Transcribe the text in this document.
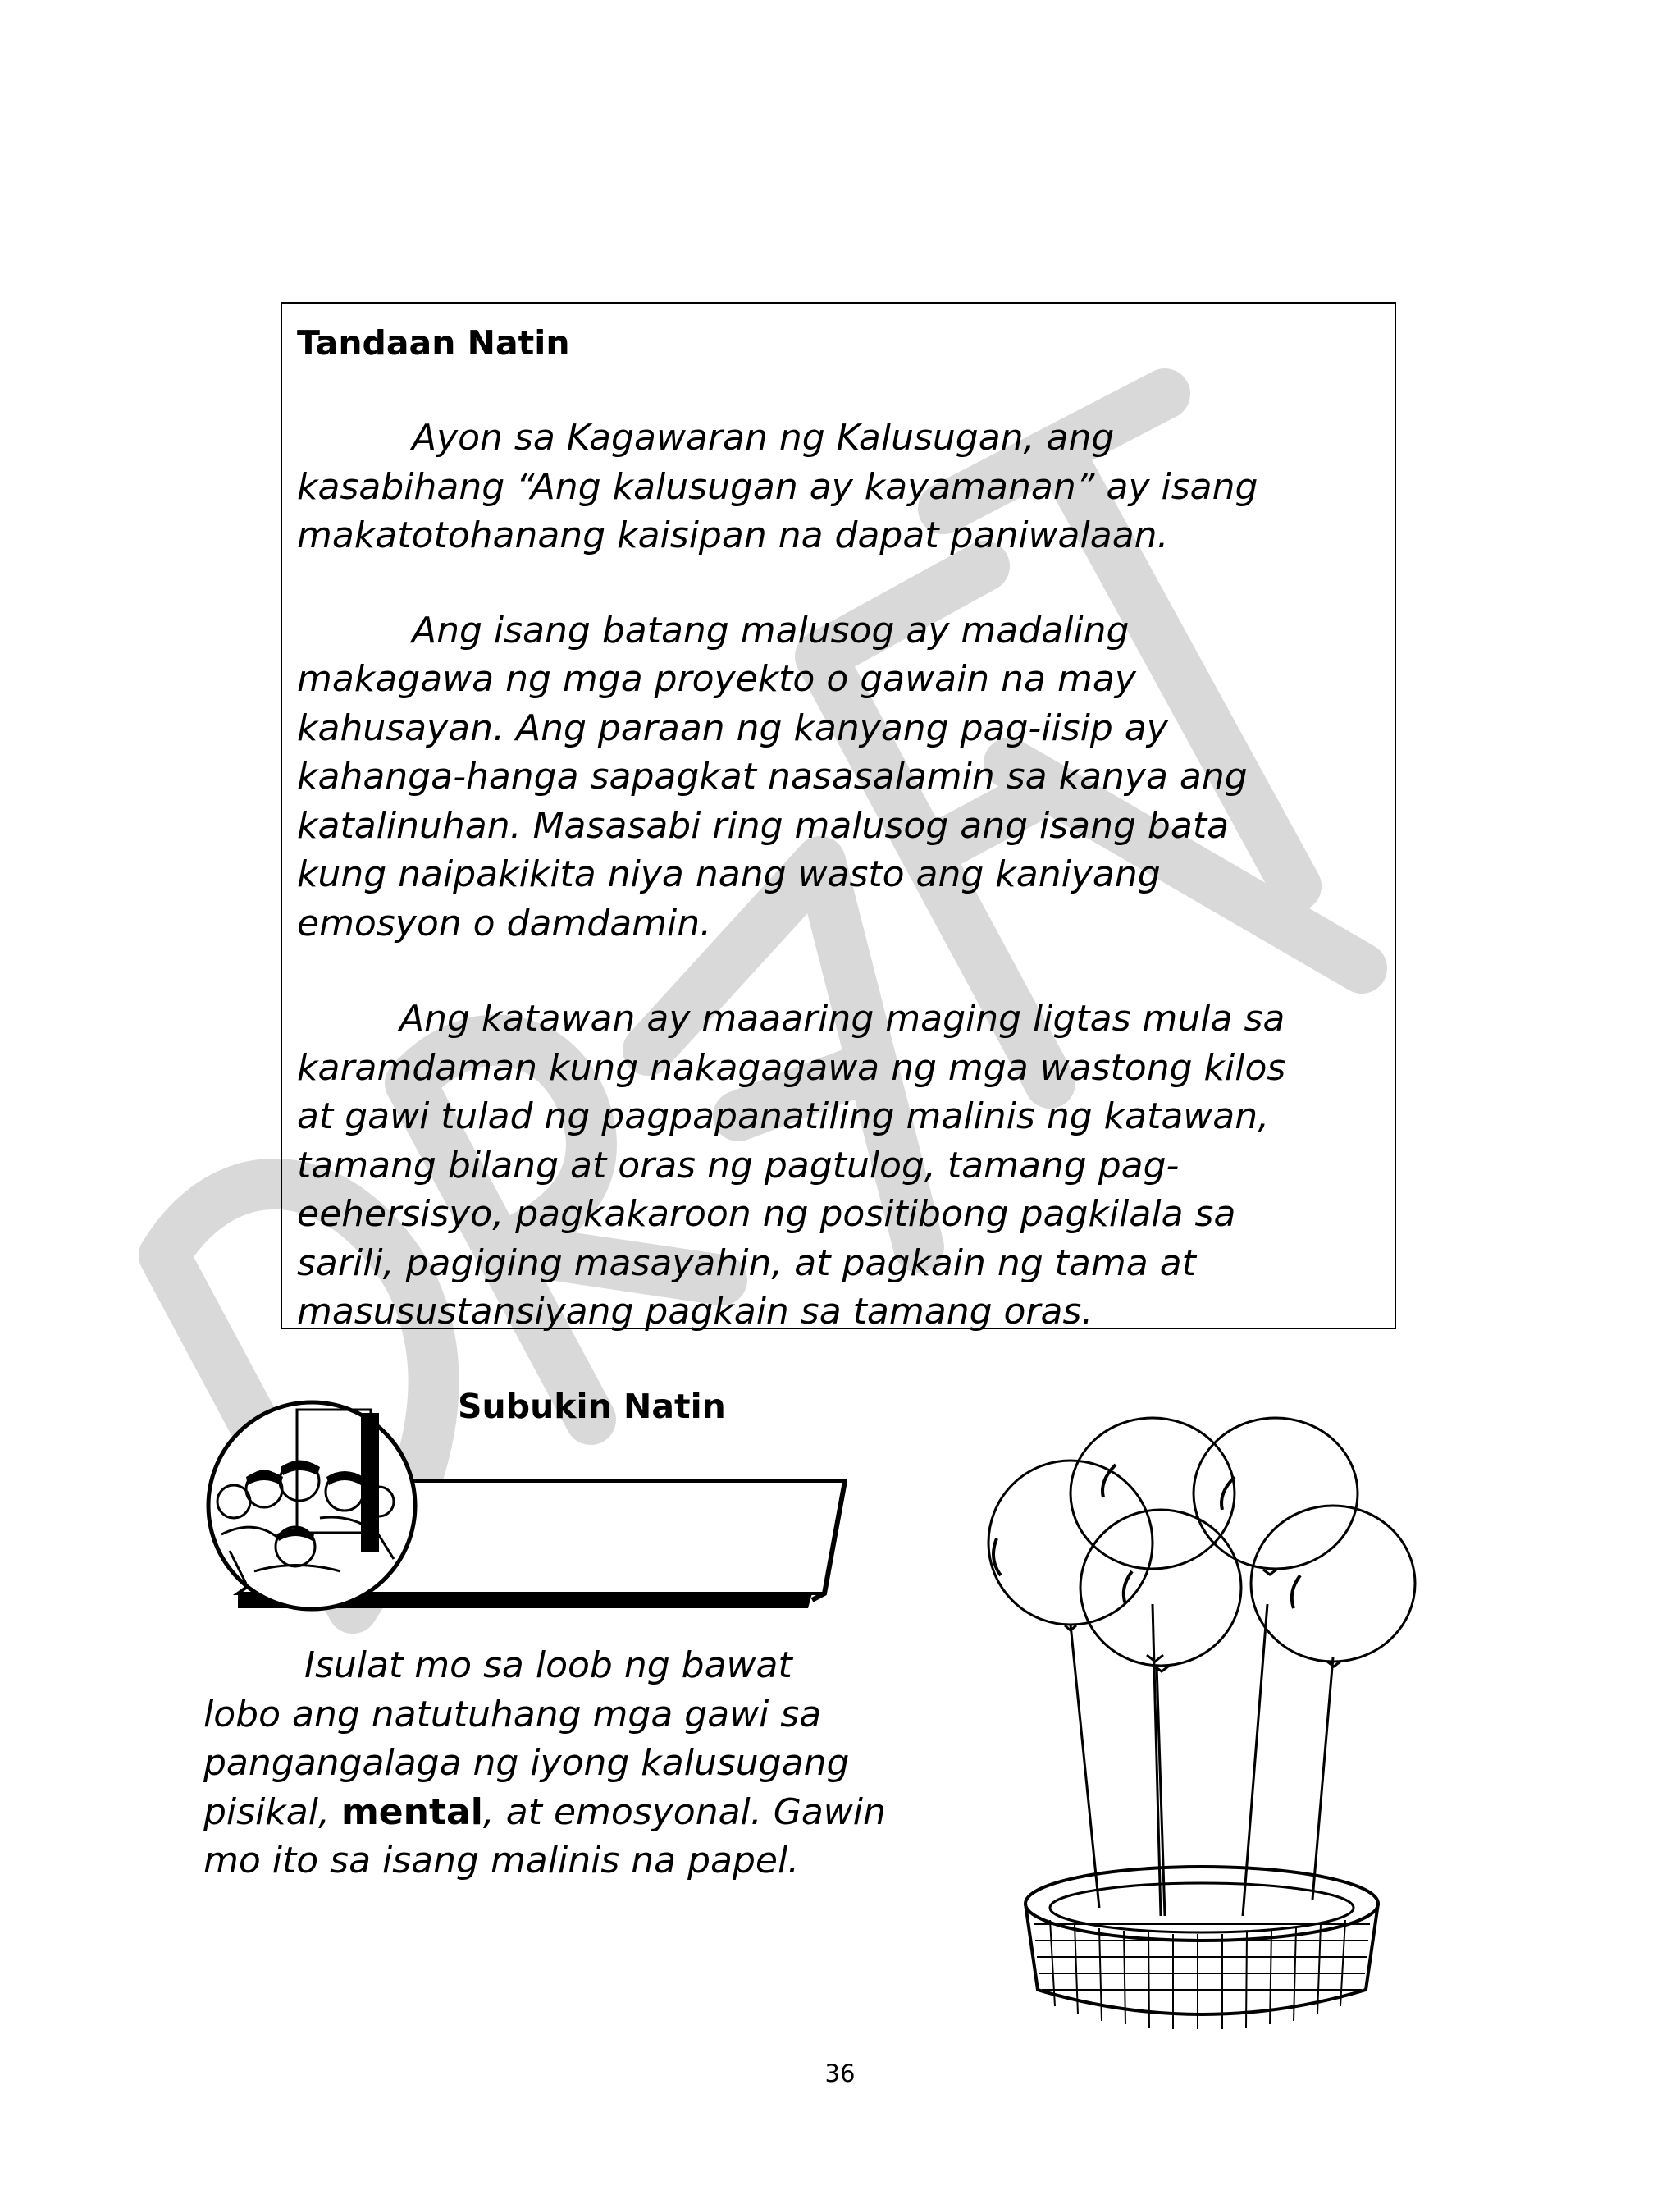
Tandaan Natin
Ayon sa Kagawaran ng Kalusugan, ang
kasabihang “Ang kalusugan ay kayamanan” ay isang
makatotohanang kaisipan na dapat paniwalaan.
Ang isang batang malusog ay madaling
makagawa ng mga proyekto o gawain na may
kahusayan. Ang paraan ng kanyang pag-iisip ay
kahanga-hanga sapagkat nasasalamin sa kanya ang
katalinuhan. Masasabi ring malusog ang isang bata
kung naipakikita niya nang wasto ang kaniyang
emosyon o damdamin.
Ang katawan ay maaaring maging ligtas mula sa
karamdaman kung nakagagawa ng mga wastong kilos
at gawi tulad ng pagpapanatiling malinis ng katawan,
tamang bilang at oras ng pagtulog, tamang pag-
eehersisyo, pagkakaroon ng positibong pagkilala sa
sarili, pagiging masayahin, at pagkain ng tama at
masusustansiyang pagkain sa tamang oras.
Subukin Natin
Isulat mo sa loob ng bawat
lobo ang natutuhang mga gawi sa
pangangalaga ng iyong kalusugang
pisikal, mental, at emosyonal. Gawin
mo ito sa isang malinis na papel.
36
